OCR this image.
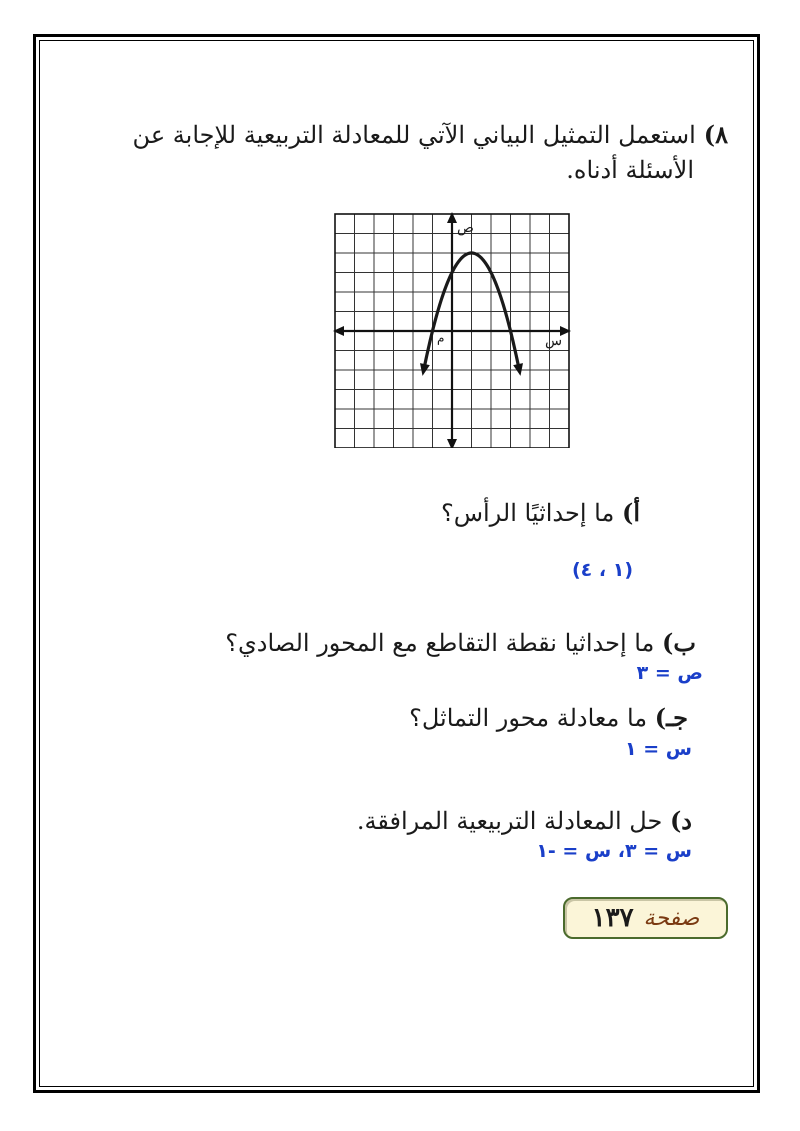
٨)استعمل التمثيل البياني الآتي للمعادلة التربيعية للإجابة عن
الأسئلة أدناه.
ص
س
م
أ) ما إحداثيًا الرأس؟
(١ ، ٤)
ب) ما إحداثيا نقطة التقاطع مع المحور الصادي؟
ص = ٣
جـ) ما معادلة محور التماثل؟
س = ١
د) حل المعادلة التربيعية المرافقة.
س = ٣، س = -١
صفحة
١٣٧
